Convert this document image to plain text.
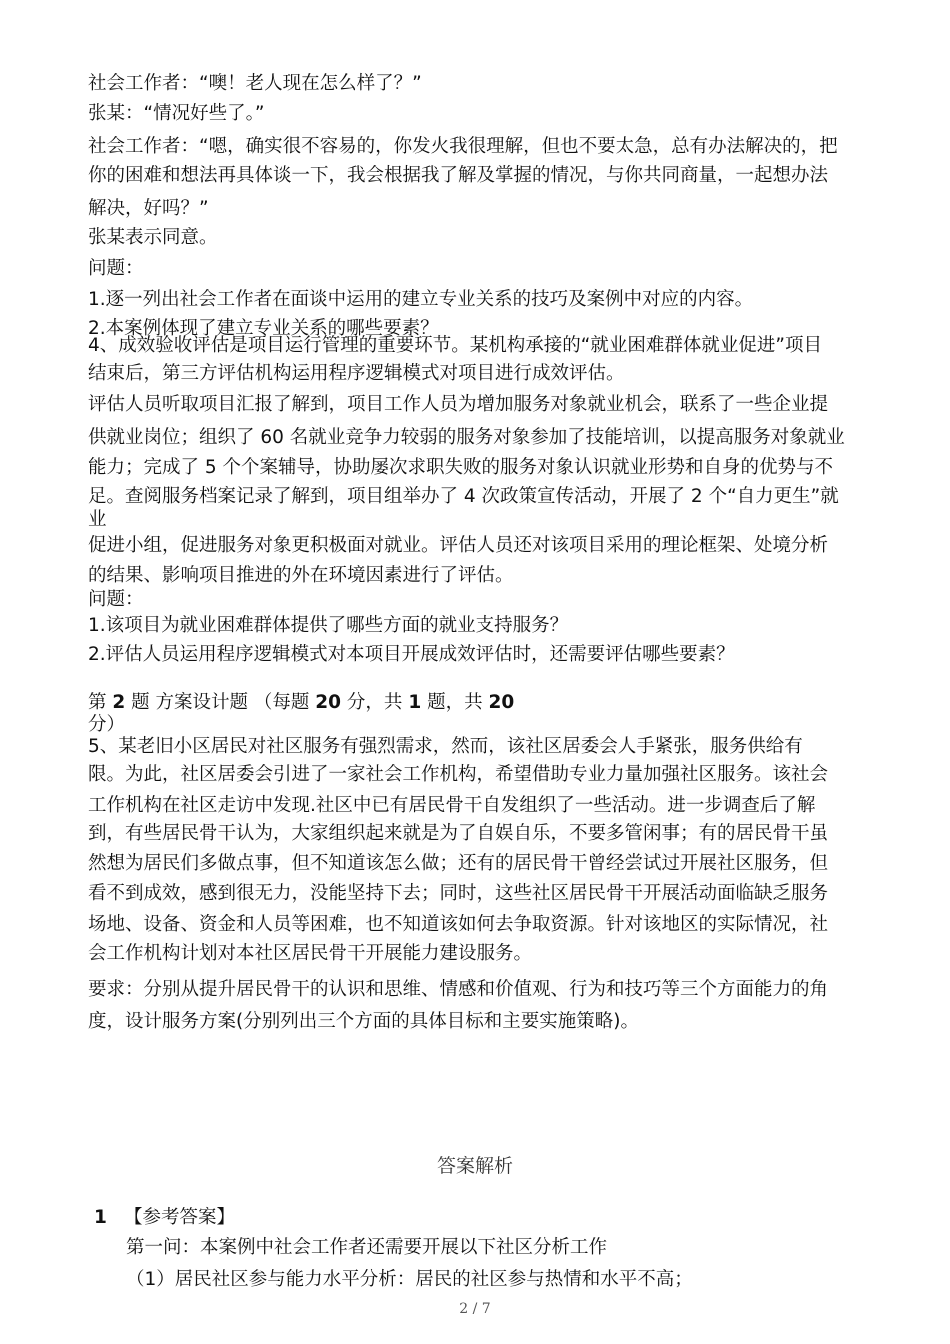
社会工作者：“噢！老人现在怎么样了？”
张某：“情况好些了。”
社会工作者：“嗯，确实很不容易的，你发火我很理解，但也不要太急，总有办法解决的，把
你的困难和想法再具体谈一下，我会根据我了解及掌握的情况，与你共同商量，一起想办法
解决，好吗？”
张某表示同意。
问题：
1.逐一列出社会工作者在面谈中运用的建立专业关系的技巧及案例中对应的内容。
2.本案例体现了建立专业关系的哪些要素？
4、成效验收评估是项目运行管理的重要环节。某机构承接的“就业困难群体就业促进”项目
结束后，第三方评估机构运用程序逻辑模式对项目进行成效评估。
评估人员听取项目汇报了解到，项目工作人员为增加服务对象就业机会，联系了一些企业提
供就业岗位；组织了 60 名就业竞争力较弱的服务对象参加了技能培训，以提高服务对象就业
能力；完成了 5 个个案辅导，协助屡次求职失败的服务对象认识就业形势和自身的优势与不
足。查阅服务档案记录了解到，项目组举办了 4 次政策宣传活动，开展了 2 个“自力更生”就
业
促进小组，促进服务对象更积极面对就业。评估人员还对该项目采用的理论框架、处境分析
的结果、影响项目推进的外在环境因素进行了评估。
问题：
1.该项目为就业困难群体提供了哪些方面的就业支持服务？
2.评估人员运用程序逻辑模式对本项目开展成效评估时，还需要评估哪些要素？
第 2 题 方案设计题 （每题 20 分，共 1 题，共 20
分）
5、某老旧小区居民对社区服务有强烈需求，然而，该社区居委会人手紧张，服务供给有
限。为此，社区居委会引进了一家社会工作机构，希望借助专业力量加强社区服务。该社会
工作机构在社区走访中发现.社区中已有居民骨干自发组织了一些活动。进一步调查后了解
到，有些居民骨干认为，大家组织起来就是为了自娱自乐，不要多管闲事；有的居民骨干虽
然想为居民们多做点事，但不知道该怎么做；还有的居民骨干曾经尝试过开展社区服务，但
看不到成效，感到很无力，没能坚持下去；同时，这些社区居民骨干开展活动面临缺乏服务
场地、设备、资金和人员等困难，也不知道该如何去争取资源。针对该地区的实际情况，社
会工作机构计划对本社区居民骨干开展能力建设服务。
要求：分别从提升居民骨干的认识和思维、情感和价值观、行为和技巧等三个方面能力的角
度，设计服务方案(分别列出三个方面的具体目标和主要实施策略)。
答案解析
1 【参考答案】
第一问：本案例中社会工作者还需要开展以下社区分析工作
（1）居民社区参与能力水平分析：居民的社区参与热情和水平不高；
2 / 7
